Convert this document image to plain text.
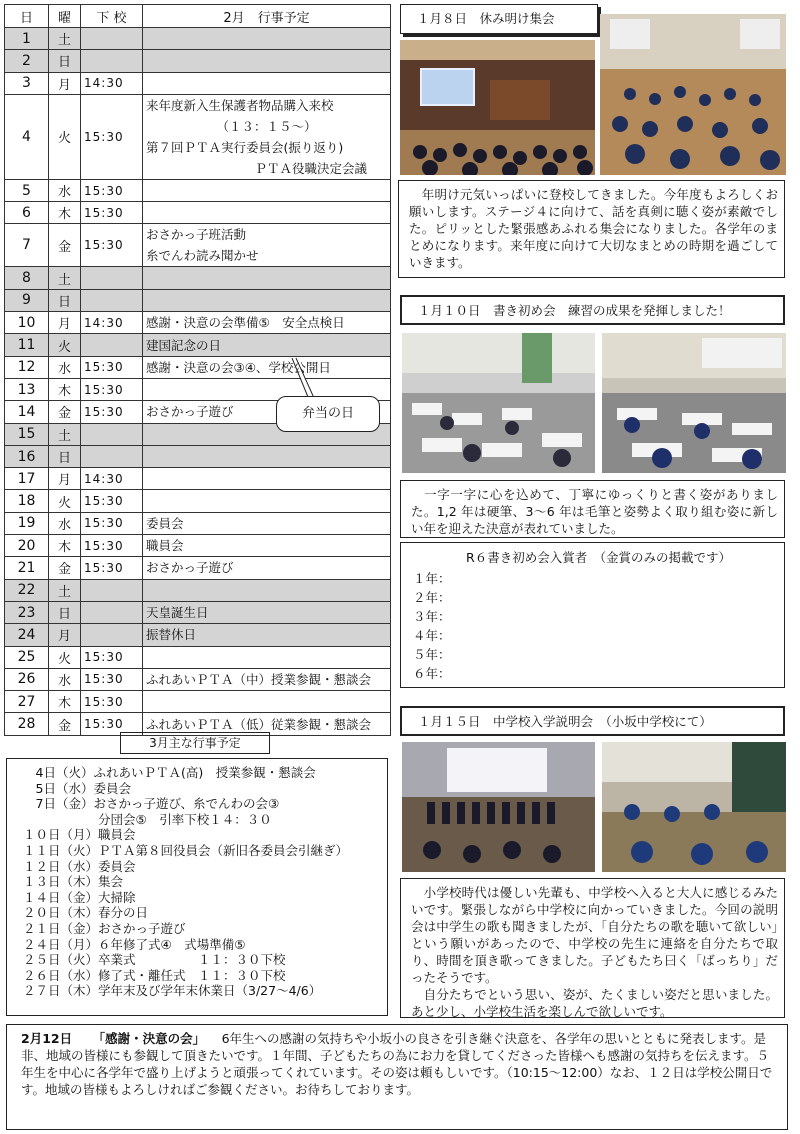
日	曜	下 校	2月　行事予定
1	土		
2	日		
3	月	14:30	
4	火	15:30	来年度新入生保護者物品購入来校
（１３：１５～）
第７回ＰＴＡ実行委員会(振り返り)
ＰＴＡ役職決定会議

5	水	15:30	
6	木	15:30	
7	金	15:30	おさかっ子班活動
糸でんわ読み聞かせ

8	土		
9	日		
10	月	14:30	感謝・決意の会準備⑤　安全点検日

11	火		建国記念の日

12	水	15:30	感謝・決意の会③④、学校公開日

13	木	15:30	
14	金	15:30	おさかっ子遊び

15	土		
16	日		
17	月	14:30	
18	火	15:30	
19	水	15:30	委員会

20	木	15:30	職員会

21	金	15:30	おさかっ子遊び

22	土		
23	日		天皇誕生日

24	月		振替休日

25	火	15:30	
26	水	15:30	ふれあいＰＴＡ（中）授業参観・懇談会

27	木	15:30	
28	金	15:30	ふれあいＰＴＡ（低）従業参観・懇談会
弁当の日
3月主な行事予定
　4日（火）ふれあいＰＴＡ(高)　授業参観・懇談会
　5日（水）委員会
　7日（金）おさかっ子遊び、糸でんわの会③
　　　　　　分団会⑤　引率下校１４：３０
１０日（月）職員会
１１日（火）ＰＴＡ第８回役員会（新旧各委員会引継ぎ）
１２日（水）委員会
１３日（木）集会
１４日（金）大掃除
２０日（木）春分の日
２１日（金）おさかっ子遊び
２４日（月）６年修了式④　式場準備⑤
２５日（火）卒業式　　　　　１１：３０下校
２６日（水）修了式・離任式　１１：３０下校
２７日（木）学年末及び学年末休業日（3/27～4/6）
１月８日　休み明け集会
　年明け元気いっぱいに登校してきました。今年度もよろしくお願いします。ステージ４に向けて、話を真剣に聴く姿が素敵でした。ピリッとした緊張感あふれる集会になりました。各学年のまとめになります。来年度に向けて大切なまとめの時期を過ごしていきます。
１月１０日　書き初め会　練習の成果を発揮しました！
　一字一字に心を込めて、丁寧にゆっくりと書く姿がありました。1,2 年は硬筆、3～6 年は毛筆と姿勢よく取り組む姿に新しい年を迎えた決意が表れていました。
R６書き初め会入賞者　（金賞のみの掲載です）
１年：
２年：
３年：
４年：
５年：
６年：
１月１５日　中学校入学説明会　（小坂中学校にて）
　小学校時代は優しい先輩も、中学校へ入ると大人に感じるみたいです。緊張しながら中学校に向かっていきました。今回の説明会は中学生の歌も聞きましたが、「自分たちの歌を聴いて欲しい」という願いがあったので、中学校の先生に連絡を自分たちで取り、時間を頂き歌ってきました。子どもたち曰く「ばっちり」だったそうです。
　自分たちでという思い、姿が、たくましい姿だと思いました。あと少し、小学校生活を楽しんで欲しいです。
2月12日 　 「感謝・決意の会」 　6年生への感謝の気持ちや小坂小の良さを引き継ぐ決意を、各学年の思いとともに発表します。是非、地域の皆様にも参観して頂きたいです。１年間、子どもたちの為にお力を貸してくださった皆様へも感謝の気持ちを伝えます。５年生を中心に各学年で盛り上げようと頑張ってくれています。その姿は頼もしいです。（10:15～12:00）なお、１２日は学校公開日です。地域の皆様もよろしければご参観ください。お待ちしております。
